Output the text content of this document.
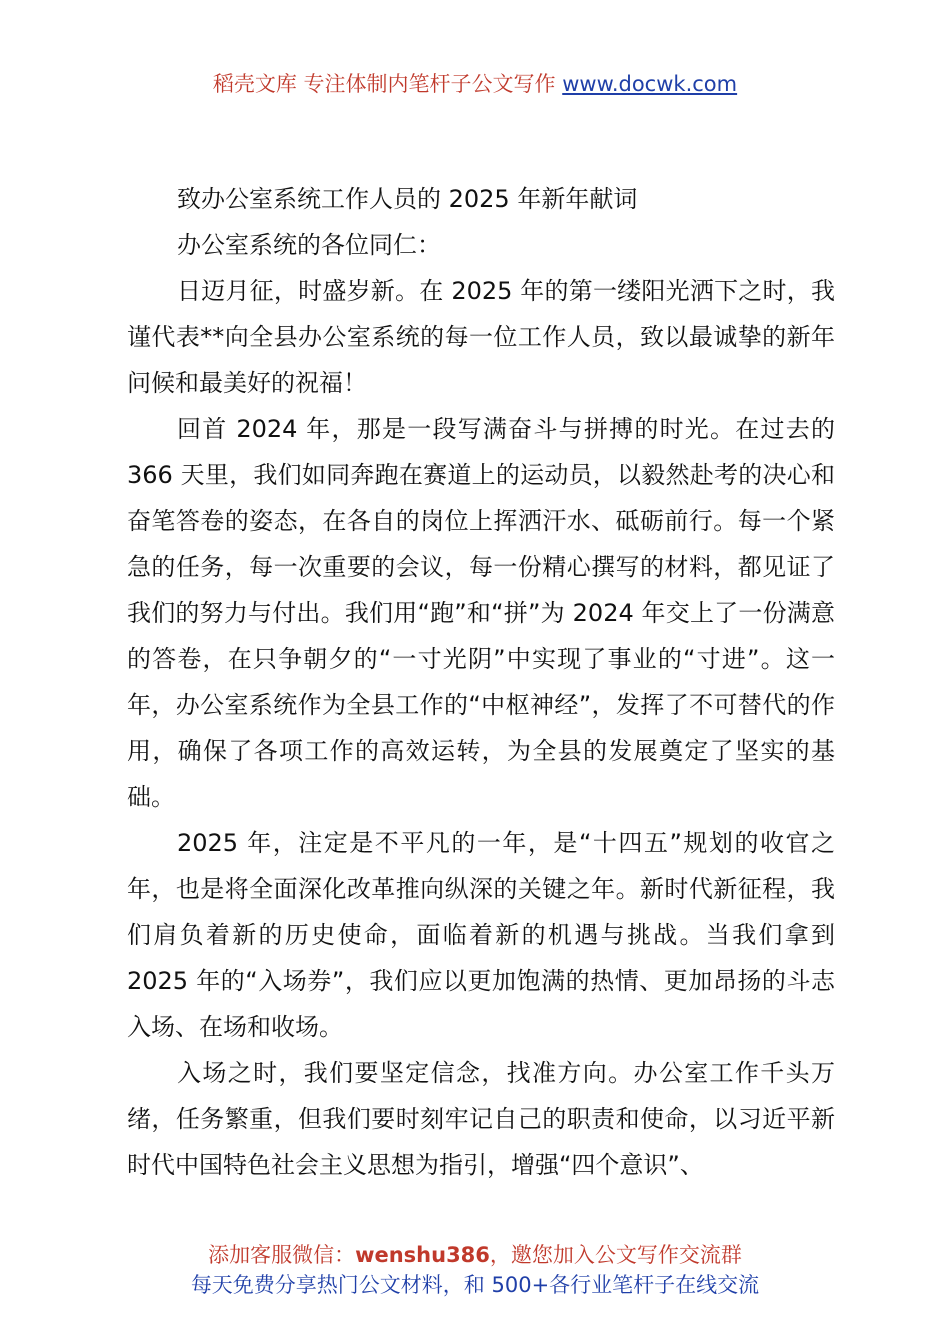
稻壳文库 专注体制内笔杆子公文写作 www.docwk.com

致办公室系统工作人员的 2025 年新年献词

办公室系统的各位同仁：

日迈月征，时盛岁新。在 2025 年的第一缕阳光洒下之时，我谨代表**向全县办公室系统的每一位工作人员，致以最诚挚的新年问候和最美好的祝福！

回首 2024 年，那是一段写满奋斗与拼搏的时光。在过去的 366 天里，我们如同奔跑在赛道上的运动员，以毅然赴考的决心和奋笔答卷的姿态，在各自的岗位上挥洒汗水、砥砺前行。每一个紧急的任务，每一次重要的会议，每一份精心撰写的材料，都见证了我们的努力与付出。我们用“跑”和“拼”为 2024 年交上了一份满意的答卷，在只争朝夕的“一寸光阴”中实现了事业的“寸进”。这一年，办公室系统作为全县工作的“中枢神经”，发挥了不可替代的作用，确保了各项工作的高效运转，为全县的发展奠定了坚实的基础。

2025 年，注定是不平凡的一年，是“十四五”规划的收官之年，也是将全面深化改革推向纵深的关键之年。新时代新征程，我们肩负着新的历史使命，面临着新的机遇与挑战。当我们拿到 2025 年的“入场券”，我们应以更加饱满的热情、更加昂扬的斗志入场、在场和收场。

入场之时，我们要坚定信念，找准方向。办公室工作千头万绪，任务繁重，但我们要时刻牢记自己的职责和使命，以习近平新时代中国特色社会主义思想为指引，增强“四个意识”、

添加客服微信：wenshu386，邀您加入公文写作交流群
每天免费分享热门公文材料，和 500+各行业笔杆子在线交流
